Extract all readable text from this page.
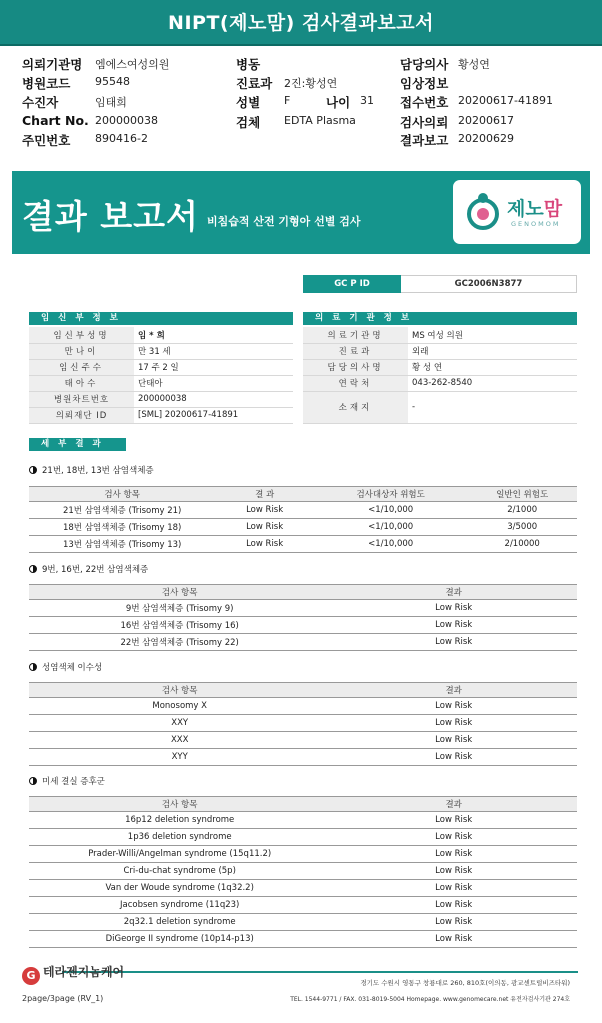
NIPT(제노맘) 검사결과보고서
의뢰기관명 엠에스여성의원
병원코드 95548
수진자	임태희
Chart No. 200000038
주민번호 890416-2
병동
진료과 2진:황성연
성별 F	나이 31
검체 EDTA Plasma
담당의사 황성연
임상정보
접수번호 20200617-41891
검사의뢰 20200617
결과보고 20200629
결과 보고서 비침습적 산전 기형아 선별 검사
제노맘
GENOMOM
GC P ID	GC2006N3877
임 신 부 정 보	의 료 기 관 정 보
임신부성명	임 * 희
만나이	만 31 세
임신주수	17 주 2 일
태아수	단태아
병원차트번호	200000038
의뢰재단 ID	[SML] 20200617-41891
의료기관명	MS 여성 의원
진료과	외래
담당의사명	황 성 연
연락처	043-262-8540
소재지	-
세 부 결 과
21번, 18번, 13번 삼염색체증
검사 항목	결 과	검사대상자 위험도	일반인 위험도
21번 삼염색체증 (Trisomy 21)	Low Risk	<1/10,000	2/1000
18번 삼염색체증 (Trisomy 18)	Low Risk	<1/10,000	3/5000
13번 삼염색체증 (Trisomy 13)	Low Risk	<1/10,000	2/10000
9번, 16번, 22번 삼염색체증
검사 항목	결과
9번 삼염색체증 (Trisomy 9)	Low Risk
16번 삼염색체증 (Trisomy 16)	Low Risk
22번 삼염색체증 (Trisomy 22)	Low Risk
성염색체 이수성
검사 항목	결과
Monosomy X	Low Risk
XXY	Low Risk
XXX	Low Risk
XYY	Low Risk
미세 결실 증후군
검사 항목	결과
16p12 deletion syndrome	Low Risk
1p36 deletion syndrome	Low Risk
Prader-Willi/Angelman syndrome (15q11.2)	Low Risk
Cri-du-chat syndrome (5p)	Low Risk
Van der Woude syndrome (1q32.2)	Low Risk
Jacobsen syndrome (11q23)	Low Risk
2q32.1 deletion syndrome	Low Risk
DiGeorge II syndrome (10p14-p13)	Low Risk
G 테라젠지놈케어
경기도 수원시 영통구 창룡대로 260, 810호(이의동, 광교센트럴비즈타워)
TEL. 1544-9771 / FAX. 031-8019-5004 Homepage. www.genomecare.net 유전자검사기관 274호
2page/3page (RV_1)
